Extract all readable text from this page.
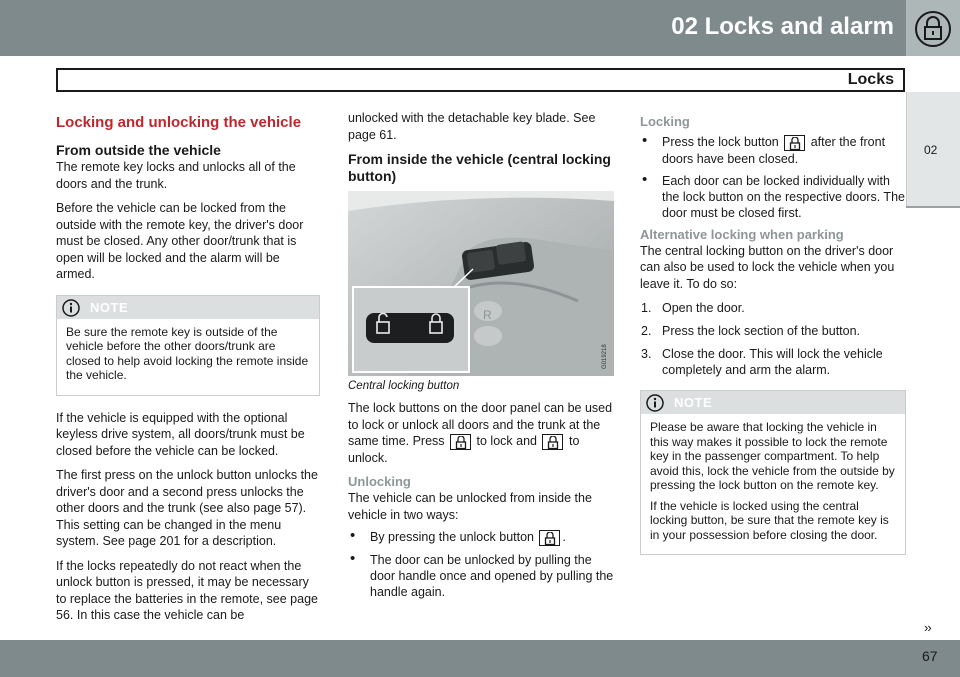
02 Locks and alarm
Locks
02
Locking and unlocking the vehicle
From outside the vehicle

The remote key locks and unlocks all of the doors and the trunk.

Before the vehicle can be locked from the outside with the remote key, the driver's door must be closed. Any other door/trunk that is open will be locked and the alarm will be armed.

NOTE

Be sure the remote key is outside of the vehicle before the other doors/trunk are closed to help avoid locking the remote inside the vehicle.

If the vehicle is equipped with the optional keyless drive system, all doors/trunk must be closed before the vehicle can be locked.

The first press on the unlock button unlocks the driver's door and a second press unlocks the other doors and the trunk (see also page 57). This setting can be changed in the menu system. See page 201 for a description.

If the locks repeatedly do not react when the unlock button is pressed, it may be necessary to replace the batteries in the remote, see page 56. In this case the vehicle can be

unlocked with the detachable key blade. See page 61.

From inside the vehicle (central locking button)
R
G019218
Central locking button

The lock buttons on the door panel can be used to lock or unlock all doors and the trunk at the same time. Press	to lock and	to unlock.

Unlocking

The vehicle can be unlocked from inside the vehicle in two ways:

• By pressing the unlock button .
• The door can be unlocked by pulling the door handle once and opened by pulling the handle again.
Locking
• Press the lock button	after the front doors have been closed.
• Each door can be locked individually with the lock button on the respective doors. The door must be closed first.
Alternative locking when parking

The central locking button on the driver's door can also be used to lock the vehicle when you leave it. To do so:

1. Open the door.
2. Press the lock section of the button.
3. Close the door. This will lock the vehicle completely and arm the alarm.
NOTE

Please be aware that locking the vehicle in this way makes it possible to lock the remote key in the passenger compartment. To help avoid this, lock the vehicle from the outside by pressing the lock button on the remote key.

If the vehicle is locked using the central locking button, be sure that the remote key is in your possession before closing the door.

››
67
